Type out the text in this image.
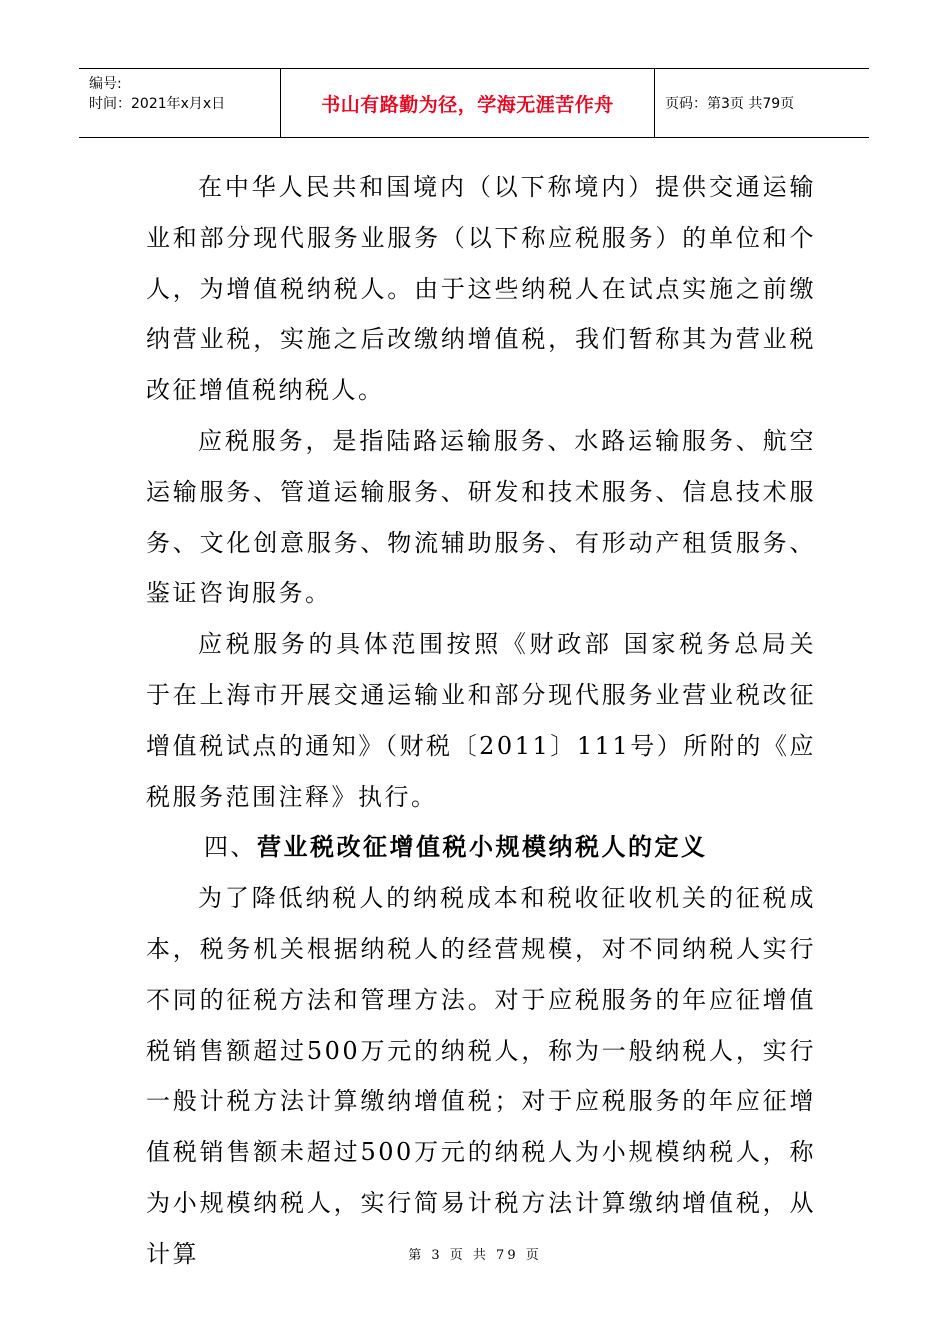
编号:
时间：2021年x月x日	书山有路勤为径，学海无涯苦作舟	页码：第3页 共79页

在中华人民共和国境内（以下称境内）提供交通运输业和部分现代服务业服务（以下称应税服务）的单位和个人，为增值税纳税人。由于这些纳税人在试点实施之前缴纳营业税，实施之后改缴纳增值税，我们暂称其为营业税改征增值税纳税人。

应税服务，是指陆路运输服务、水路运输服务、航空运输服务、管道运输服务、研发和技术服务、信息技术服务、文化创意服务、物流辅助服务、有形动产租赁服务、鉴证咨询服务。

应税服务的具体范围按照《财政部 国家税务总局关于在上海市开展交通运输业和部分现代服务业营业税改征增值税试点的通知》（财税〔2011〕111号）所附的《应税服务范围注释》执行。

四、营业税改征增值税小规模纳税人的定义

为了降低纳税人的纳税成本和税收征收机关的征税成本，税务机关根据纳税人的经营规模，对不同纳税人实行不同的征税方法和管理方法。对于应税服务的年应征增值税销售额超过500万元的纳税人，称为一般纳税人，实行一般计税方法计算缴纳增值税；对于应税服务的年应征增值税销售额未超过500万元的纳税人为小规模纳税人，称为小规模纳税人，实行简易计税方法计算缴纳增值税，从计算	第 3 页 共 79 页
